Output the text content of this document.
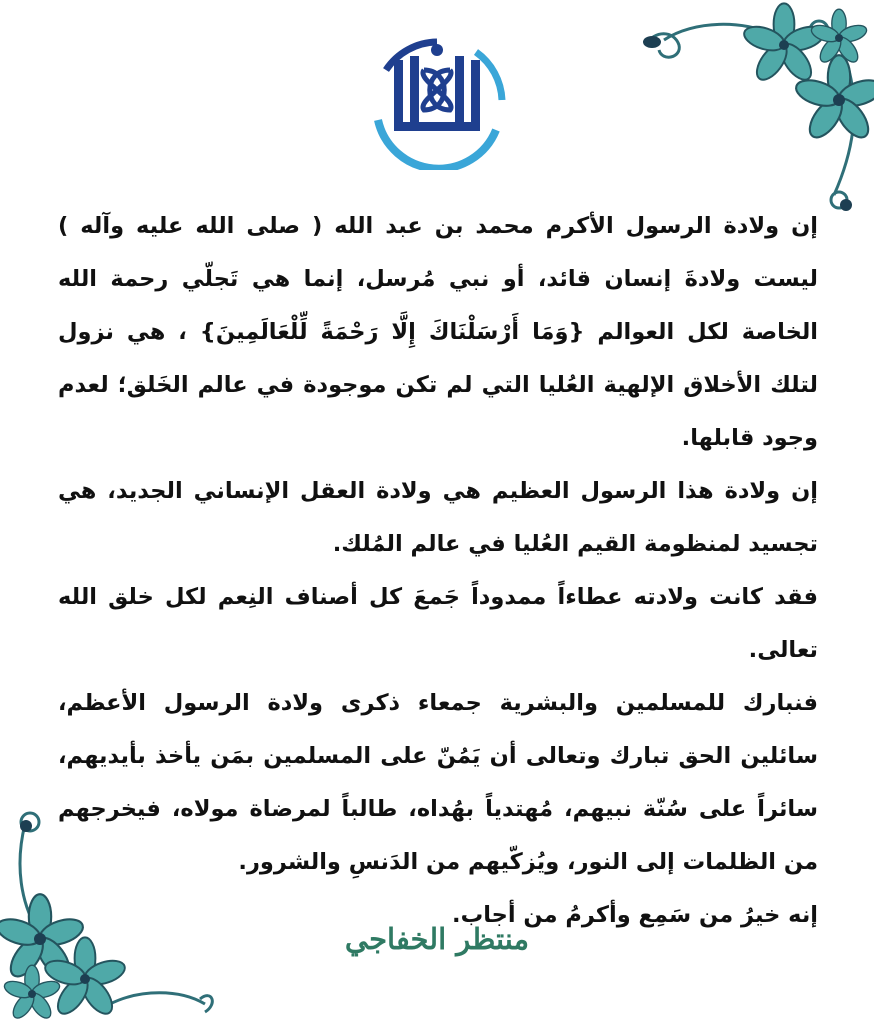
إن ولادة الرسول الأكرم محمد بن عبد الله ( صلى الله عليه وآله ) ليست ولادةَ إنسان قائد، أو نبي مُرسل، إنما هي تَجلّي رحمة الله الخاصة لكل العوالم {وَمَا أَرْسَلْنَاكَ إِلَّا رَحْمَةً لِّلْعَالَمِينَ} ، هي نزول لتلك الأخلاق الإلهية العُليا التي لم تكن موجودة في عالم الخَلق؛ لعدم وجود قابلها.

إن ولادة هذا الرسول العظيم هي ولادة العقل الإنساني الجديد، هي تجسيد لمنظومة القيم العُليا في عالم المُلك.

فقد كانت ولادته عطاءاً ممدوداً جَمعَ كل أصناف النِعم لكل خلق الله تعالى.

فنبارك للمسلمين والبشرية جمعاء ذكرى ولادة الرسول الأعظم، سائلين الحق تبارك وتعالى أن يَمُنّ على المسلمين بمَن يأخذ بأيديهم، سائراً على سُنّة نبيهم، مُهتدياً بهُداه، طالباً لمرضاة مولاه، فيخرجهم من الظلمات إلى النور، ويُزكّيهم من الدَنسِ والشرور.

إنه خيرُ من سَمِع وأكرمُ من أجاب.

منتظر الخفاجي
